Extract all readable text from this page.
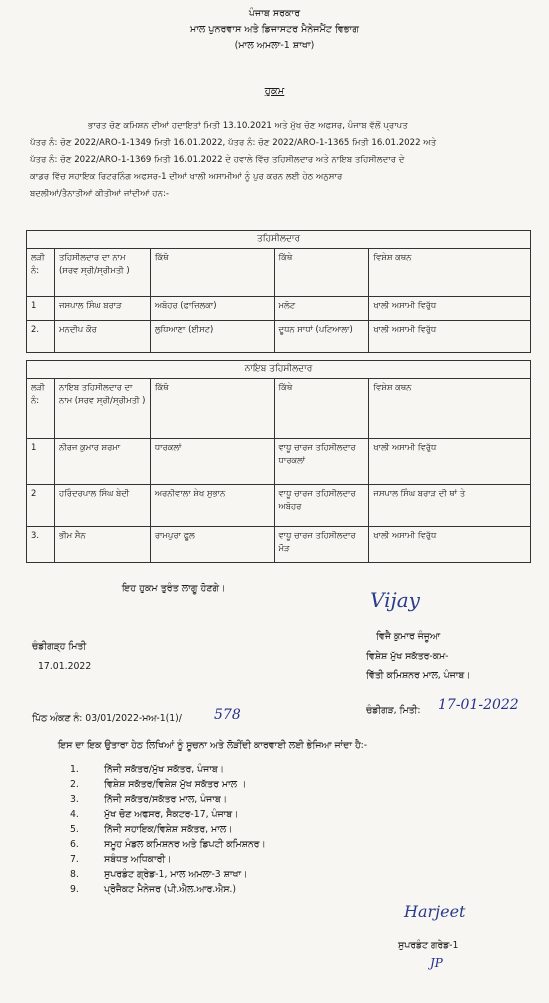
ਪੰਜਾਬ ਸਰਕਾਰ
ਮਾਲ ਪੁਨਰਵਾਸ ਅਤੇ ਡਿਜਾਸਟਰ ਮੈਨੇਜਮੈਂਟ ਵਿਭਾਗ
(ਮਾਲ ਅਮਲਾ-1 ਸ਼ਾਖਾ)
ਹੁਕਮ
ਭਾਰਤ ਚੋਣ ਕਮਿਸ਼ਨ ਦੀਆਂ ਹਦਾਇਤਾਂ ਮਿਤੀ 13.10.2021 ਅਤੇ ਮੁੱਖ ਚੋਣ ਅਫਸਰ, ਪੰਜਾਬ ਵੱਲੋਂ ਪ੍ਰਾਪਤ
ਪੱਤਰ ਨੰ: ਚੋਣ 2022/ARO-1-1349 ਮਿਤੀ 16.01.2022, ਪੱਤਰ ਨੰ: ਚੋਣ 2022/ARO-1-1365 ਮਿਤੀ 16.01.2022 ਅਤੇ
ਪੱਤਰ ਨੰ: ਚੋਣ 2022/ARO-1-1369 ਮਿਤੀ 16.01.2022 ਦੇ ਹਵਾਲੇ ਵਿੱਚ ਤਹਿਸੀਲਦਾਰ ਅਤੇ ਨਾਇਬ ਤਹਿਸੀਲਦਾਰ ਦੇ
ਕਾਡਰ ਵਿੱਚ ਸਹਾਇਕ ਰਿਟਰਨਿੰਗ ਅਫਸਰ-1 ਦੀਆਂ ਖਾਲੀ ਅਸਾਮੀਆਂ ਨੂੰ ਪੁਰ ਕਰਨ ਲਈ ਹੇਠ ਅਨੁਸਾਰ
ਬਦਲੀਆਂ/ਤੈਨਾਤੀਆਂ ਕੀਤੀਆਂ ਜਾਂਦੀਆਂ ਹਨ:-
ਤਹਿਸੀਲਦਾਰ				
ਲੜੀ ਨੰ:	ਤਹਿਸੀਲਦਾਰ ਦਾ ਨਾਮ (ਸਰਵ ਸ੍ਰੀ/ਸ੍ਰੀਮਤੀ )	ਕਿੱਥੋ	ਕਿੱਥੇ	ਵਿਸ਼ੇਸ਼ ਕਥਨ
1	ਜਸਪਾਲ ਸਿੰਘ ਬਰਾੜ	ਅਬੋਹਰ (ਫਾਜ਼ਿਲਕਾ)	ਮਲੋਟ	ਖਾਲੀ ਅਸਾਮੀ ਵਿਰੁੱਧ
2.	ਮਨਦੀਪ ਕੌਰ	ਲੁਧਿਆਣਾ (ਈਸਟ)	ਦੂਧਨ ਸਾਧਾਂ (ਪਟਿਆਲਾ)	ਖਾਲੀ ਅਸਾਮੀ ਵਿਰੁੱਧ
ਨਾਇਬ ਤਹਿਸੀਲਦਾਰ				
ਲੜੀ ਨੰ:	ਨਾਇਬ ਤਹਿਸੀਲਦਾਰ ਦਾ ਨਾਮ (ਸਰਵ ਸ੍ਰੀ/ਸ੍ਰੀਮਤੀ )	ਕਿੱਥੋ	ਕਿੱਥੇ	ਵਿਸ਼ੇਸ਼ ਕਥਨ
1	ਨੀਰਜ ਕੁਮਾਰ ਸ਼ਰਮਾ	ਧਾਰਕਲਾਂ	ਵਾਧੂ ਚਾਰਜ ਤਹਿਸੀਲਦਾਰ ਧਾਰਕਲਾਂ	ਖਾਲੀ ਅਸਾਮੀ ਵਿਰੁੱਧ
2	ਹਰਿੰਦਰਪਾਲ ਸਿੰਘ ਬੇਦੀ	ਅਰਨੀਵਾਲਾ ਸ਼ੇਖ ਸੁਭਾਨ	ਵਾਧੂ ਚਾਰਜ ਤਹਿਸੀਲਦਾਰ ਅਬੋਹਰ	ਜਸਪਾਲ ਸਿੰਘ ਬਰਾੜ ਦੀ ਥਾਂ ਤੇ
3.	ਭੀਮ ਸੈਨ	ਰਾਮਪੁਰਾ ਫੂਲ	ਵਾਧੂ ਚਾਰਜ ਤਹਿਸੀਲਦਾਰ ਮੌੜ	ਖਾਲੀ ਅਸਾਮੀ ਵਿਰੁੱਧ
ਇਹ ਹੁਕਮ ਤੁਰੰਤ ਲਾਗੂ ਹੋਣਗੇ।	Vijay
ਵਿਜੈ ਕੁਮਾਰ ਜੰਜੂਆ
ਵਿਸ਼ੇਸ਼ ਮੁੱਖ ਸਕੱਤਰ-ਕਮ-
ਵਿੱਤੀ ਕਮਿਸ਼ਨਰ ਮਾਲ, ਪੰਜਾਬ।
ਚੰਡੀਗੜ੍ਹ ਮਿਤੀ
17.01.2022
ਪਿੱਠ ਅੰਕਣ ਨੰ: 03/01/2022-ਮਅ-1(1)/ 578	ਚੰਡੀਗੜ, ਮਿਤੀ: 17-01-2022
ਇਸ ਦਾ ਇਕ ਉਤਾਰਾ ਹੇਠ ਲਿਖਿਆਂ ਨੂੰ ਸੂਚਨਾ ਅਤੇ ਲੋੜੀਂਦੀ ਕਾਰਵਾਈ ਲਈ ਭੇਜਿਆ ਜਾਂਦਾ ਹੈ:-
1.	ਨਿੱਜੀ ਸਕੱਤਰ/ਮੁੱਖ ਸਕੱਤਰ, ਪੰਜਾਬ।
2.	ਵਿਸ਼ੇਸ਼ ਸਕੱਤਰ/ਵਿਸ਼ੇਸ਼ ਮੁੱਖ ਸਕੱਤਰ ਮਾਲ ।
3.	ਨਿੱਜੀ ਸਕੱਤਰ/ਸਕੱਤਰ ਮਾਲ, ਪੰਜਾਬ।
4.	ਮੁੱਖ ਚੋਣ ਅਫਸਰ, ਸੈਕਟਰ-17, ਪੰਜਾਬ।
5.	ਨਿੱਜੀ ਸਹਾਇਕ/ਵਿਸ਼ੇਸ਼ ਸਕੱਤਰ, ਮਾਲ।
6.	ਸਮੂਹ ਮੰਡਲ ਕਮਿਸ਼ਨਰ ਅਤੇ ਡਿਪਟੀ ਕਮਿਸ਼ਨਰ।
7.	ਸਬੰਧਤ ਅਧਿਕਾਰੀ।
8.	ਸੁਪਰਡੰਟ ਗ੍ਰੇਡ-1, ਮਾਲ ਅਮਲਾ-3 ਸ਼ਾਖਾ।
9.	ਪ੍ਰੋਜੈਕਟ ਮੈਨੇਜਰ (ਪੀ.ਐਲ.ਆਰ.ਐਸ.)
Harjeet
ਸੁਪਰਡੰਟ ਗਰੇਡ-1
JP
